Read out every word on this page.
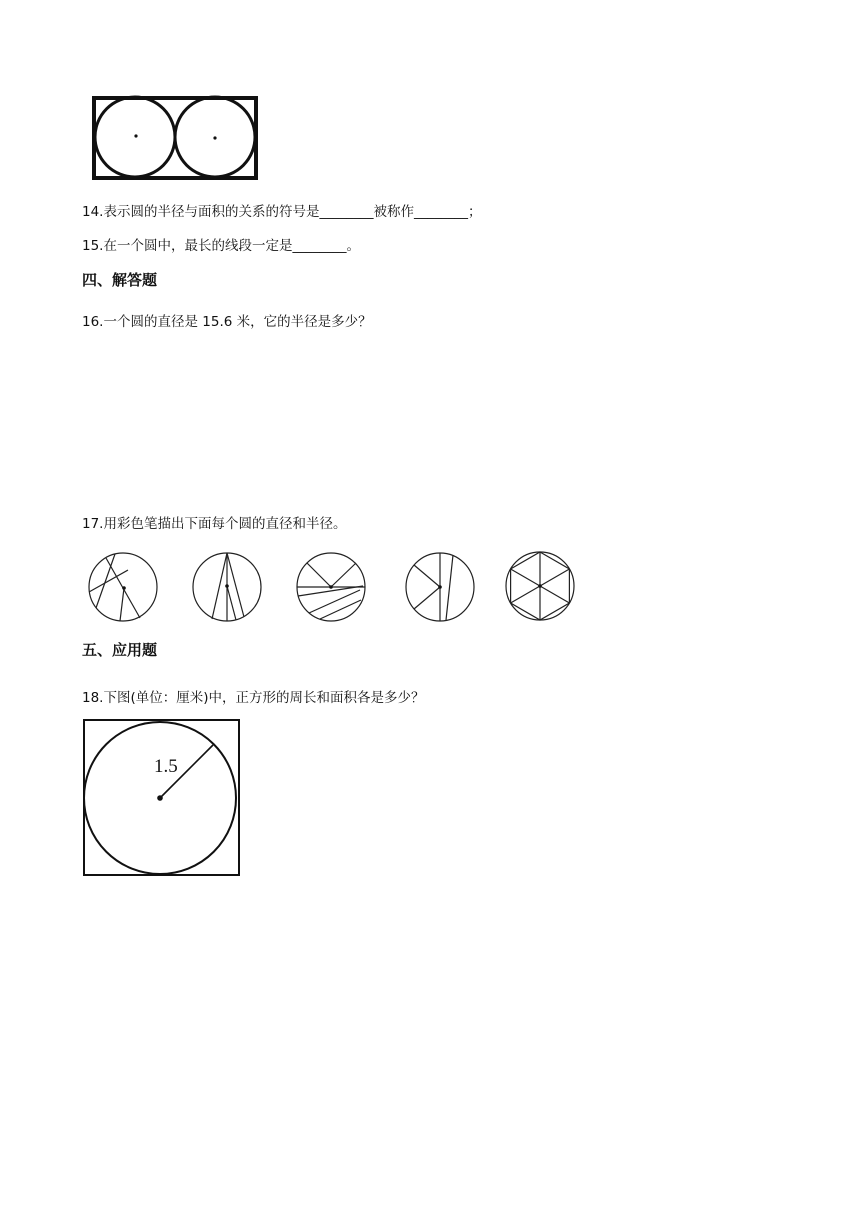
14.表示圆的半径与面积的关系的符号是________被称作________；
15.在一个圆中，最长的线段一定是________。
四、解答题
16.一个圆的直径是 15.6 米，它的半径是多少？
17.用彩色笔描出下面每个圆的直径和半径。
五、应用题
18.下图(单位：厘米)中，正方形的周长和面积各是多少？
1.5
